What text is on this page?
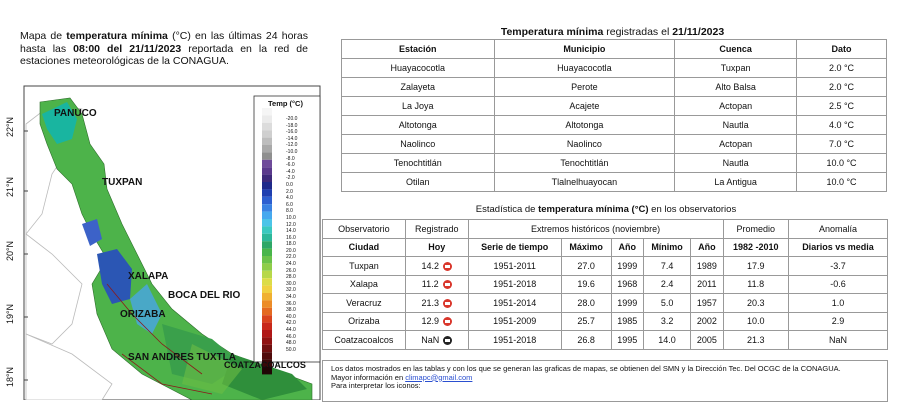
Mapa de temperatura mínima (°C) en las últimas 24 horas hasta las 08:00 del 21/11/2023 reportada en la red de estaciones meteorológicas de la CONAGUA.
22°N
21°N
20°N
19°N
18°N
Temp (°C)
-20.0
-18.0
-16.0
-14.0
-12.0
-10.0
-8.0
-6.0
-4.0
-2.0
0.0
2.0
4.0
6.0
8.0
10.0
12.0
14.0
16.0
18.0
20.0
22.0
24.0
26.0
28.0
30.0
32.0
34.0
36.0
38.0
40.0
42.0
44.0
46.0
48.0
50.0
PANUCO
TUXPAN
XALAPA
BOCA DEL RIO
ORIZABA
SAN ANDRES TUXTLA
COATZACOALCOS
Temperatura mínima registradas el 21/11/2023
Estación	Municipio	Cuenca	Dato
Huayacocotla	Huayacocotla	Tuxpan	2.0 °C
Zalayeta	Perote	Alto Balsa	2.0 °C
La Joya	Acajete	Actopan	2.5 °C
Altotonga	Altotonga	Nautla	4.0 °C
Naolinco	Naolinco	Actopan	7.0 °C
Tenochtitlán	Tenochtitlán	Nautla	10.0 °C
Otilan	Tlalnelhuayocan	La Antigua	10.0 °C
Estadística de temperatura mínima (°C) en los observatorios
Observatorio	Registrado	Extremos históricos (noviembre)					Promedio	Anomalía
Ciudad	Hoy	Serie de tiempo	Máximo	Año	Mínimo	Año	1982 -2010	Diarios vs media
Tuxpan	14.2	1951-2011	27.0	1999	7.4	1989	17.9	-3.7
Xalapa	11.2	1951-2018	19.6	1968	2.4	2011	11.8	-0.6
Veracruz	21.3	1951-2014	28.0	1999	5.0	1957	20.3	1.0
Orizaba	12.9	1951-2009	25.7	1985	3.2	2002	10.0	2.9
Coatzacoalcos	NaN	1951-2018	26.8	1995	14.0	2005	21.3	NaN
Los datos mostrados en las tablas y con los que se generan las graficas de mapas, se obtienen del SMN y la Dirección Tec. Del OCGC de la CONAGUA.
Mayor información en climapc@gmail.com
Para interpretar los iconos:
